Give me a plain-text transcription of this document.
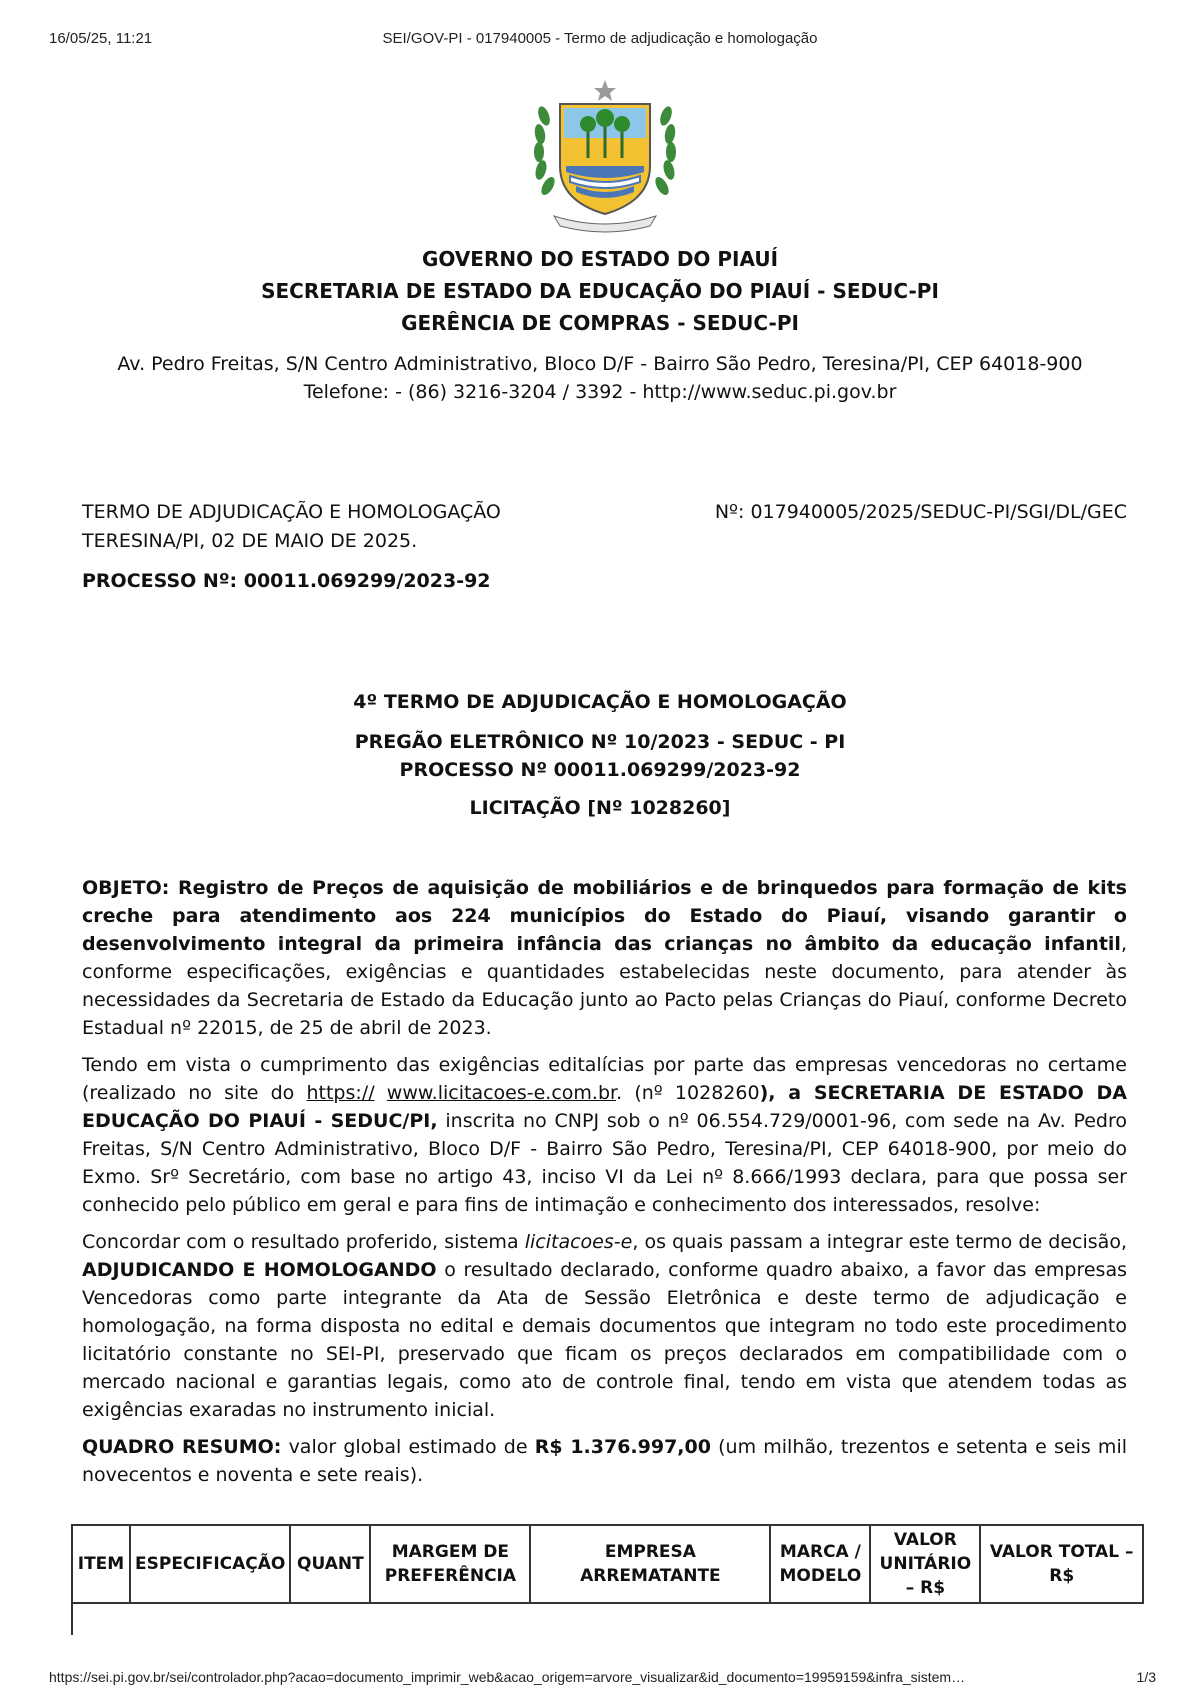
16/05/25, 11:21	SEI/GOV-PI - 017940005 - Termo de adjudicação e homologação
GOVERNO DO ESTADO DO PIAUÍ
SECRETARIA DE ESTADO DA EDUCAÇÃO DO PIAUÍ - SEDUC-PI
GERÊNCIA DE COMPRAS - SEDUC-PI
Av. Pedro Freitas, S/N Centro Administrativo, Bloco D/F - Bairro São Pedro, Teresina/PI, CEP 64018-900
Telefone: - (86) 3216-3204 / 3392 - http://www.seduc.pi.gov.br
TERMO DE ADJUDICAÇÃO E HOMOLOGAÇÃO	Nº: 017940005/2025/SEDUC-PI/SGI/DL/GEC
TERESINA/PI, 02 DE MAIO DE 2025.
PROCESSO Nº: 00011.069299/2023-92
4º TERMO DE ADJUDICAÇÃO E HOMOLOGAÇÃO
PREGÃO ELETRÔNICO Nº 10/2023 - SEDUC - PI
PROCESSO Nº 00011.069299/2023-92
LICITAÇÃO [Nº 1028260]

OBJETO: Registro de Preços de aquisição de mobiliários e de brinquedos para formação de kits creche para atendimento aos 224 municípios do Estado do Piauí, visando garantir o desenvolvimento integral da primeira infância das crianças no âmbito da educação infantil, conforme especificações, exigências e quantidades estabelecidas neste documento, para atender às necessidades da Secretaria de Estado da Educação junto ao Pacto pelas Crianças do Piauí, conforme Decreto Estadual nº 22015, de 25 de abril de 2023.

Tendo em vista o cumprimento das exigências editalícias por parte das empresas vencedoras no certame (realizado no site do https:// www.licitacoes-e.com.br. (nº 1028260), a SECRETARIA DE ESTADO DA EDUCAÇÃO DO PIAUÍ - SEDUC/PI, inscrita no CNPJ sob o nº 06.554.729/0001-96, com sede na Av. Pedro Freitas, S/N Centro Administrativo, Bloco D/F - Bairro São Pedro, Teresina/PI, CEP 64018-900, por meio do Exmo. Srº Secretário, com base no artigo 43, inciso VI da Lei nº 8.666/1993 declara, para que possa ser conhecido pelo público em geral e para fins de intimação e conhecimento dos interessados, resolve:

Concordar com o resultado proferido, sistema licitacoes-e, os quais passam a integrar este termo de decisão, ADJUDICANDO E HOMOLOGANDO o resultado declarado, conforme quadro abaixo, a favor das empresas Vencedoras como parte integrante da Ata de Sessão Eletrônica e deste termo de adjudicação e homologação, na forma disposta no edital e demais documentos que integram no todo este procedimento licitatório constante no SEI-PI, preservado que ficam os preços declarados em compatibilidade com o mercado nacional e garantias legais, como ato de controle final, tendo em vista que atendem todas as exigências exaradas no instrumento inicial.

QUADRO RESUMO: valor global estimado de R$ 1.376.997,00 (um milhão, trezentos e setenta e seis mil novecentos e noventa e sete reais).

ITEM	ESPECIFICAÇÃO	QUANT	MARGEM DE PREFERÊNCIA	EMPRESA ARREMATANTE	MARCA / MODELO	VALOR UNITÁRIO – R$	VALOR TOTAL – R$
https://sei.pi.gov.br/sei/controlador.php?acao=documento_imprimir_web&acao_origem=arvore_visualizar&id_documento=19959159&infra_sistem…	1/3
